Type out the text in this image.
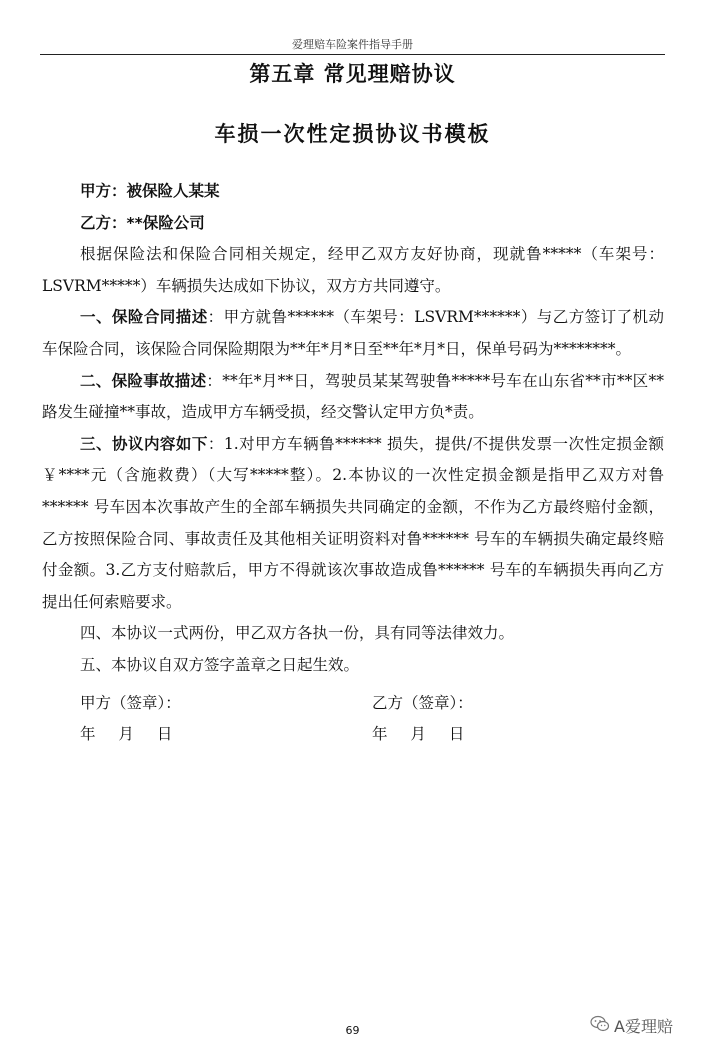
爱理赔车险案件指导手册
第五章 常见理赔协议
车损一次性定损协议书模板

甲方：被保险人某某

乙方：**保险公司

根据保险法和保险合同相关规定，经甲乙双方友好协商，现就鲁*****（车架号：LSVRM*****）车辆损失达成如下协议，双方方共同遵守。

一、保险合同描述：甲方就鲁******（车架号：LSVRM******）与乙方签订了机动车保险合同，该保险合同保险期限为**年*月*日至**年*月*日，保单号码为********。

二、保险事故描述：**年*月**日，驾驶员某某驾驶鲁*****号车在山东省**市**区**路发生碰撞**事故，造成甲方车辆受损，经交警认定甲方负*责。

三、协议内容如下：1.对甲方车辆鲁****** 损失，提供/不提供发票一次性定损金额￥****元（含施救费）（大写*****整）。2.本协议的一次性定损金额是指甲乙双方对鲁****** 号车因本次事故产生的全部车辆损失共同确定的金额，不作为乙方最终赔付金额，乙方按照保险合同、事故责任及其他相关证明资料对鲁****** 号车的车辆损失确定最终赔付金额。3.乙方支付赔款后，甲方不得就该次事故造成鲁****** 号车的车辆损失再向乙方提出任何索赔要求。

四、本协议一式两份，甲乙双方各执一份，具有同等法律效力。

五、本协议自双方签字盖章之日起生效。

甲方（签章）：	乙方（签章）：
年 月 日	年 月 日
69	A爱理赔
